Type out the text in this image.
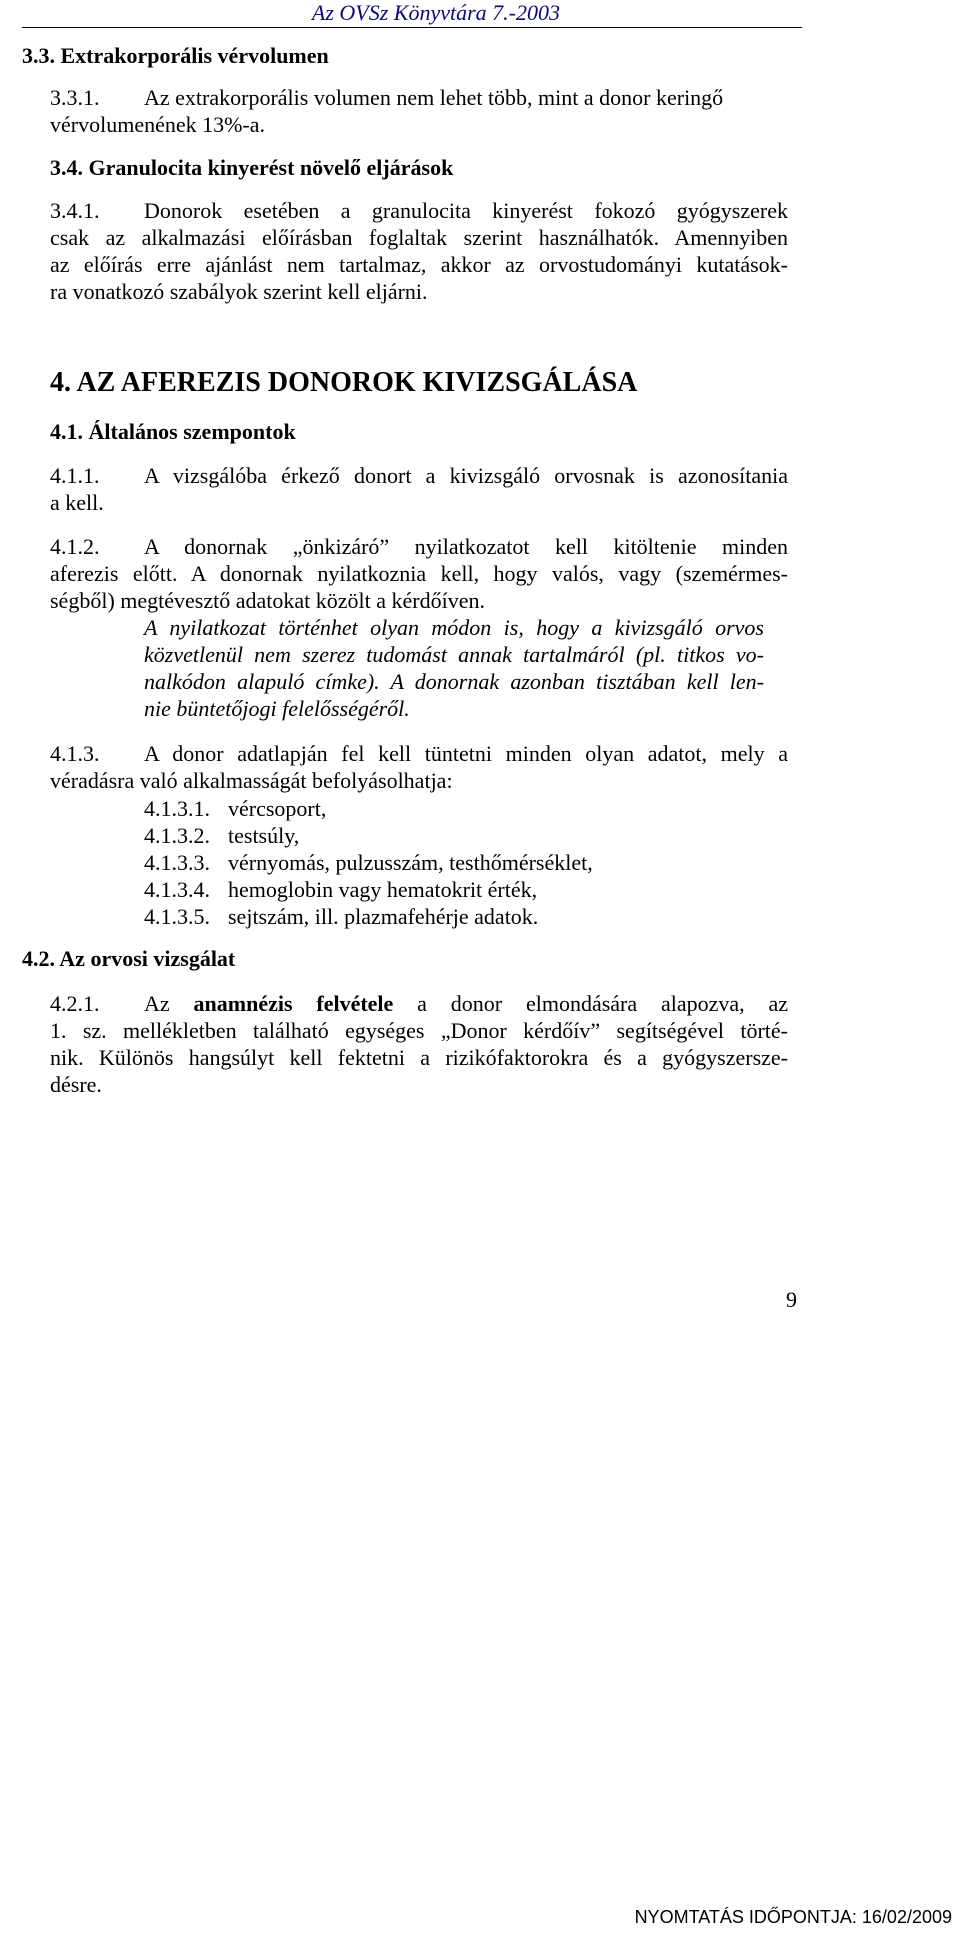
Az OVSz Könyvtára 7.-2003
3.3. Extrakorporális vérvolumen
3.3.1. Az extrakorporális volumen nem lehet több, mint a donor keringő
vérvolumenének 13%-a.
3.4. Granulocita kinyerést növelő eljárások
3.4.1. Donorok esetében a granulocita kinyerést fokozó gyógyszerek
csak az alkalmazási előírásban foglaltak szerint használhatók. Amennyiben
az előírás erre ajánlást nem tartalmaz, akkor az orvostudományi kutatások-
ra vonatkozó szabályok szerint kell eljárni.
4. AZ AFEREZIS DONOROK KIVIZSGÁLÁSA
4.1. Általános szempontok
4.1.1. A vizsgálóba érkező donort a kivizsgáló orvosnak is azonosítania
a kell.
4.1.2. A donornak „önkizáró” nyilatkozatot kell kitöltenie minden
aferezis előtt. A donornak nyilatkoznia kell, hogy valós, vagy (szemérmes-
ségből) megtévesztő adatokat közölt a kérdőíven.
A nyilatkozat történhet olyan módon is, hogy a kivizsgáló orvos
közvetlenül nem szerez tudomást annak tartalmáról (pl. titkos vo-
nalkódon alapuló címke). A donornak azonban tisztában kell len-
nie büntetőjogi felelősségéről.
4.1.3. A donor adatlapján fel kell tüntetni minden olyan adatot, mely a
véradásra való alkalmasságát befolyásolhatja:
4.1.3.1. vércsoport,
4.1.3.2. testsúly,
4.1.3.3. vérnyomás, pulzusszám, testhőmérséklet,
4.1.3.4. hemoglobin vagy hematokrit érték,
4.1.3.5. sejtszám, ill. plazmafehérje adatok.
4.2. Az orvosi vizsgálat
4.2.1. Az anamnézis felvétele a donor elmondására alapozva, az
1. sz. mellékletben található egységes „Donor kérdőív” segítségével törté-
nik. Különös hangsúlyt kell fektetni a rizikófaktorokra és a gyógyszersze-
désre.
9
NYOMTATÁS IDŐPONTJA: 16/02/2009
